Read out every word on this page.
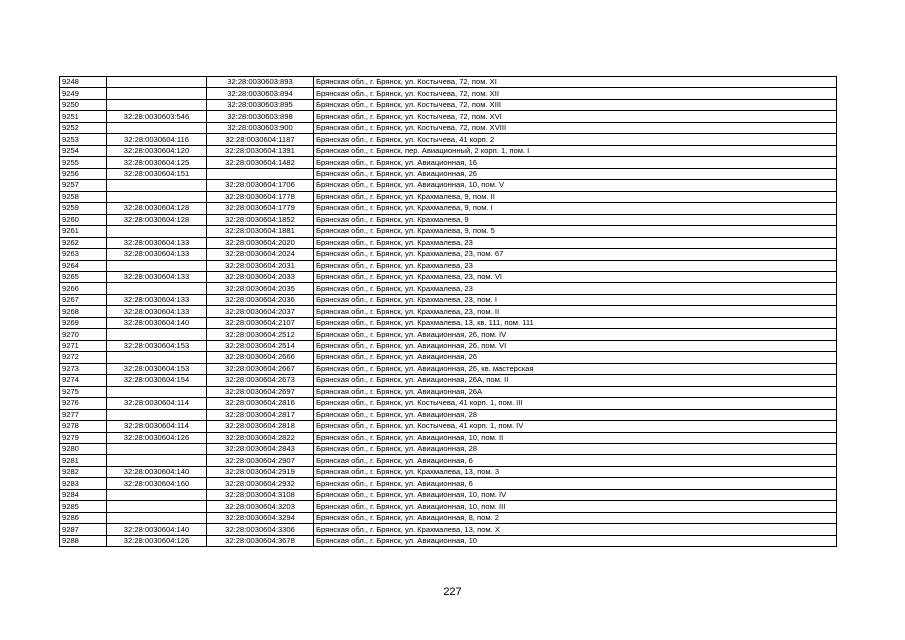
9248		32:28:0030603:893	Брянская обл., г. Брянск, ул. Костычева, 72, пом. XI
9249		32:28:0030603:894	Брянская обл., г. Брянск, ул. Костычева, 72, пом. XII
9250		32:28:0030603:895	Брянская обл., г. Брянск, ул. Костычева, 72, пом. XIII
9251	32:28:0030603:546	32:28:0030603:898	Брянская обл., г. Брянск, ул. Костычева, 72, пом. XVI
9252		32:28:0030603:900	Брянская обл., г. Брянск, ул. Костычева, 72, пом. XVIII
9253	32:28:0030604:116	32:28:0030604:1187	Брянская обл., г. Брянск, ул. Костычева, 41 корп. 2
9254	32:28:0030604:120	32:28:0030604:1391	Брянская обл., г. Брянск, пер. Авиационный, 2 корп. 1, пом. I
9255	32:28:0030604:125	32:28:0030604:1482	Брянская обл., г. Брянск, ул. Авиационная, 16
9256	32:28:0030604:151		Брянская обл., г. Брянск, ул. Авиационная, 26
9257		32:28:0030604:1706	Брянская обл., г. Брянск, ул. Авиационная, 10, пом. V
9258		32:28:0030604:1778	Брянская обл., г. Брянск, ул. Крахмалева, 9, пом. II
9259	32:28:0030604:128	32:28:0030604:1779	Брянская обл., г. Брянск, ул. Крахмалева, 9, пом. I
9260	32:28:0030604:128	32:28:0030604:1852	Брянская обл., г. Брянск, ул. Крахмалева, 9
9261		32:28:0030604:1881	Брянская обл., г. Брянск, ул. Крахмалева, 9, пом. 5
9262	32:28:0030604:133	32:28:0030604:2020	Брянская обл., г. Брянск, ул. Крахмалева, 23
9263	32:28:0030604:133	32:28:0030604:2024	Брянская обл., г. Брянск, ул. Крахмалева, 23, пом. 67
9264		32:28:0030604:2031	Брянская обл., г. Брянск, ул. Крахмалева, 23
9265	32:28:0030604:133	32:28:0030604:2033	Брянская обл., г. Брянск, ул. Крахмалева, 23, пом. VI
9266		32:28:0030604:2035	Брянская обл., г. Брянск, ул. Крахмалева, 23
9267	32:28:0030604:133	32:28:0030604:2036	Брянская обл., г. Брянск, ул. Крахмалева, 23, пом. I
9268	32:28:0030604:133	32:28:0030604:2037	Брянская обл., г. Брянск, ул. Крахмалева, 23, пом. II
9269	32:28:0030604:140	32:28:0030604:2107	Брянская обл., г. Брянск, ул. Крахмалева, 13, кв. 111, пом. 111
9270		32:28:0030604:2512	Брянская обл., г. Брянск, ул. Авиационная, 26, пом. IV
9271	32:28:0030604:153	32:28:0030604:2514	Брянская обл., г. Брянск, ул. Авиационная, 26, пом. VI
9272		32:28:0030604:2666	Брянская обл., г. Брянск, ул. Авиационная, 26
9273	32:28:0030604:153	32:28:0030604:2667	Брянская обл., г. Брянск, ул. Авиационная, 26, кв. мастерская
9274	32:28:0030604:154	32:28:0030604:2673	Брянская обл., г. Брянск, ул. Авиационная, 26А, пом. II
9275		32:28:0030604:2697	Брянская обл., г. Брянск, ул. Авиационная, 26А
9276	32:28:0030604:114	32:28:0030604:2816	Брянская обл., г. Брянск, ул. Костычева, 41 корп. 1, пом. III
9277		32:28:0030604:2817	Брянская обл., г. Брянск, ул. Авиационная, 28
9278	32:28:0030604:114	32:28:0030604:2818	Брянская обл., г. Брянск, ул. Костычева, 41 корп. 1, пом. IV
9279	32:28:0030604:126	32:28:0030604:2822	Брянская обл., г. Брянск, ул. Авиационная, 10, пом. II
9280		32:28:0030604:2843	Брянская обл., г. Брянск, ул. Авиационная, 28
9281		32:28:0030604:2907	Брянская обл., г. Брянск, ул. Авиационная, 6
9282	32:28:0030604:140	32:28:0030604:2919	Брянская обл., г. Брянск, ул. Крахмалева, 13, пом. 3
9283	32:28:0030604:160	32:28:0030604:2932	Брянская обл., г. Брянск, ул. Авиационная, 6
9284		32:28:0030604:3108	Брянская обл., г. Брянск, ул. Авиационная, 10, пом. IV
9285		32:28:0030604:3203	Брянская обл., г. Брянск, ул. Авиационная, 10, пом. III
9286		32:28:0030604:3294	Брянская обл., г. Брянск, ул. Авиационная, 8, пом. 2
9287	32:28:0030604:140	32:28:0030604:3306	Брянская обл., г. Брянск, ул. Крахмалева, 13, пом. X
9288	32:28:0030604:126	32:28:0030604:3678	Брянская обл., г. Брянск, ул. Авиационная, 10
227
